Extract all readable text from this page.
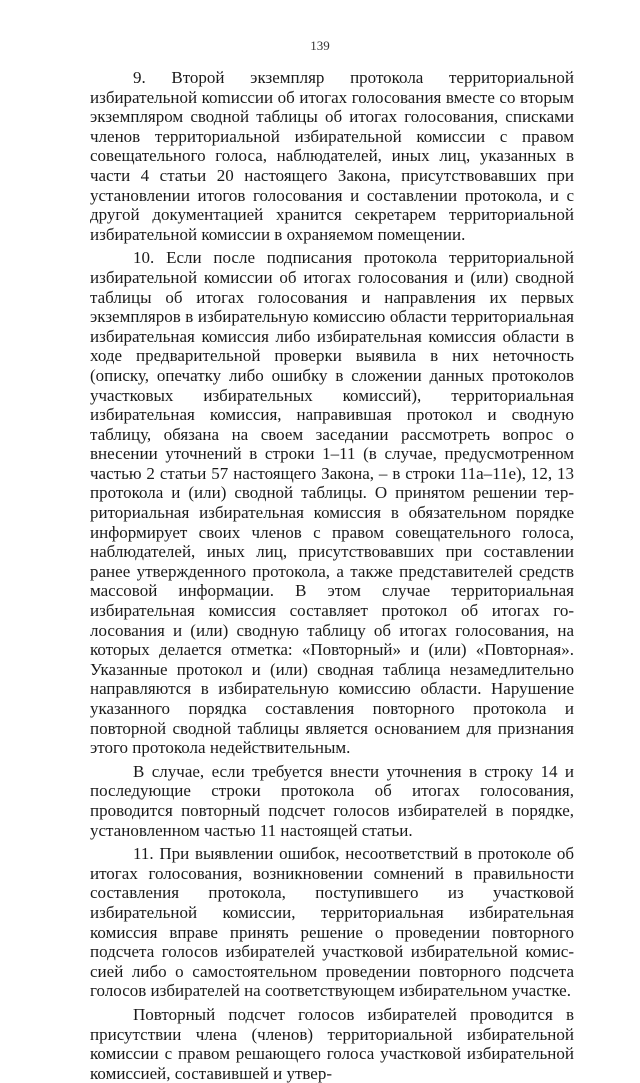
139

9. Второй экземпляр протокола территориальной избирательной коmиссии об итогах голосования вместе со вторым экземпляром сводной таблицы об итогах голосования, списками членов территориальной избирательной комиссии с правом совещательного голоса, наблюдателей, иных лиц, указанных в части 4 статьи 20 настоящего Закона, присутствовавших при установлении итогов голосования и составлении протокола, и с другой документацией хранится секретарем территориальной избирательной комиссии в охраняемом помещении.

10. Если после подписания протокола территориальной избирательной комиссии об итогах голосования и (или) сводной таблицы об итогах голосования и направления их первых экземпляров в избирательную комиссию области территориальная избирательная комиссия либо избирательная комиссия области в ходе предварительной проверки выявила в них неточность (описку, опечатку либо ошибку в сложении данных протоколов участковых избирательных комиссий), территориальная избирательная комиссия, направившая протокол и сводную таблицу, обязана на своем заседании рассмотреть вопрос о внесении уточнений в строки 1–11 (в случае, предусмотренном частью 2 статьи 57 настоящего Закона, – в строки 11а–11е), 12, 13 протокола и (или) сводной таблицы. О принятом решении территориальная избирательная комиссия в обязательном порядке информирует своих членов с правом совещательного голоса, наблюдателей, иных лиц, присутствовавших при составлении ранее утвержденного протокола, а также представителей средств массовой информации. В этом случае территориальная избирательная комиссия составляет протокол об итогах голосования и (или) сводную таблицу об итогах голосования, на которых делается отметка: «Повторный» и (или) «Повторная». Указанные протокол и (или) сводная таблица незамедлительно направляются в избирательную комиссию области. Нарушение указанного порядка составления повторного протокола и повторной сводной таблицы является основанием для признания этого протокола недействительным.

В случае, если требуется внести уточнения в строку 14 и последующие строки протокола об итогах голосования, проводится повторный подсчет голосов избирателей в порядке, установленном частью 11 настоящей статьи.

11. При выявлении ошибок, несоответствий в протоколе об итогах голосования, возникновении сомнений в правильности составления протокола, поступившего из участковой избирательной комиссии, территориальная избирательная комиссия вправе принять решение о проведении повторного подсчета голосов избирателей участковой избирательной комиссией либо о самостоятельном проведении повторного подсчета голосов избирателей на соответствующем избирательном участке.

Повторный подсчет голосов избирателей проводится в присутствии члена (членов) территориальной избирательной комиссии с правом решающего голоса участковой избирательной комиссией, составившей и утвер-
